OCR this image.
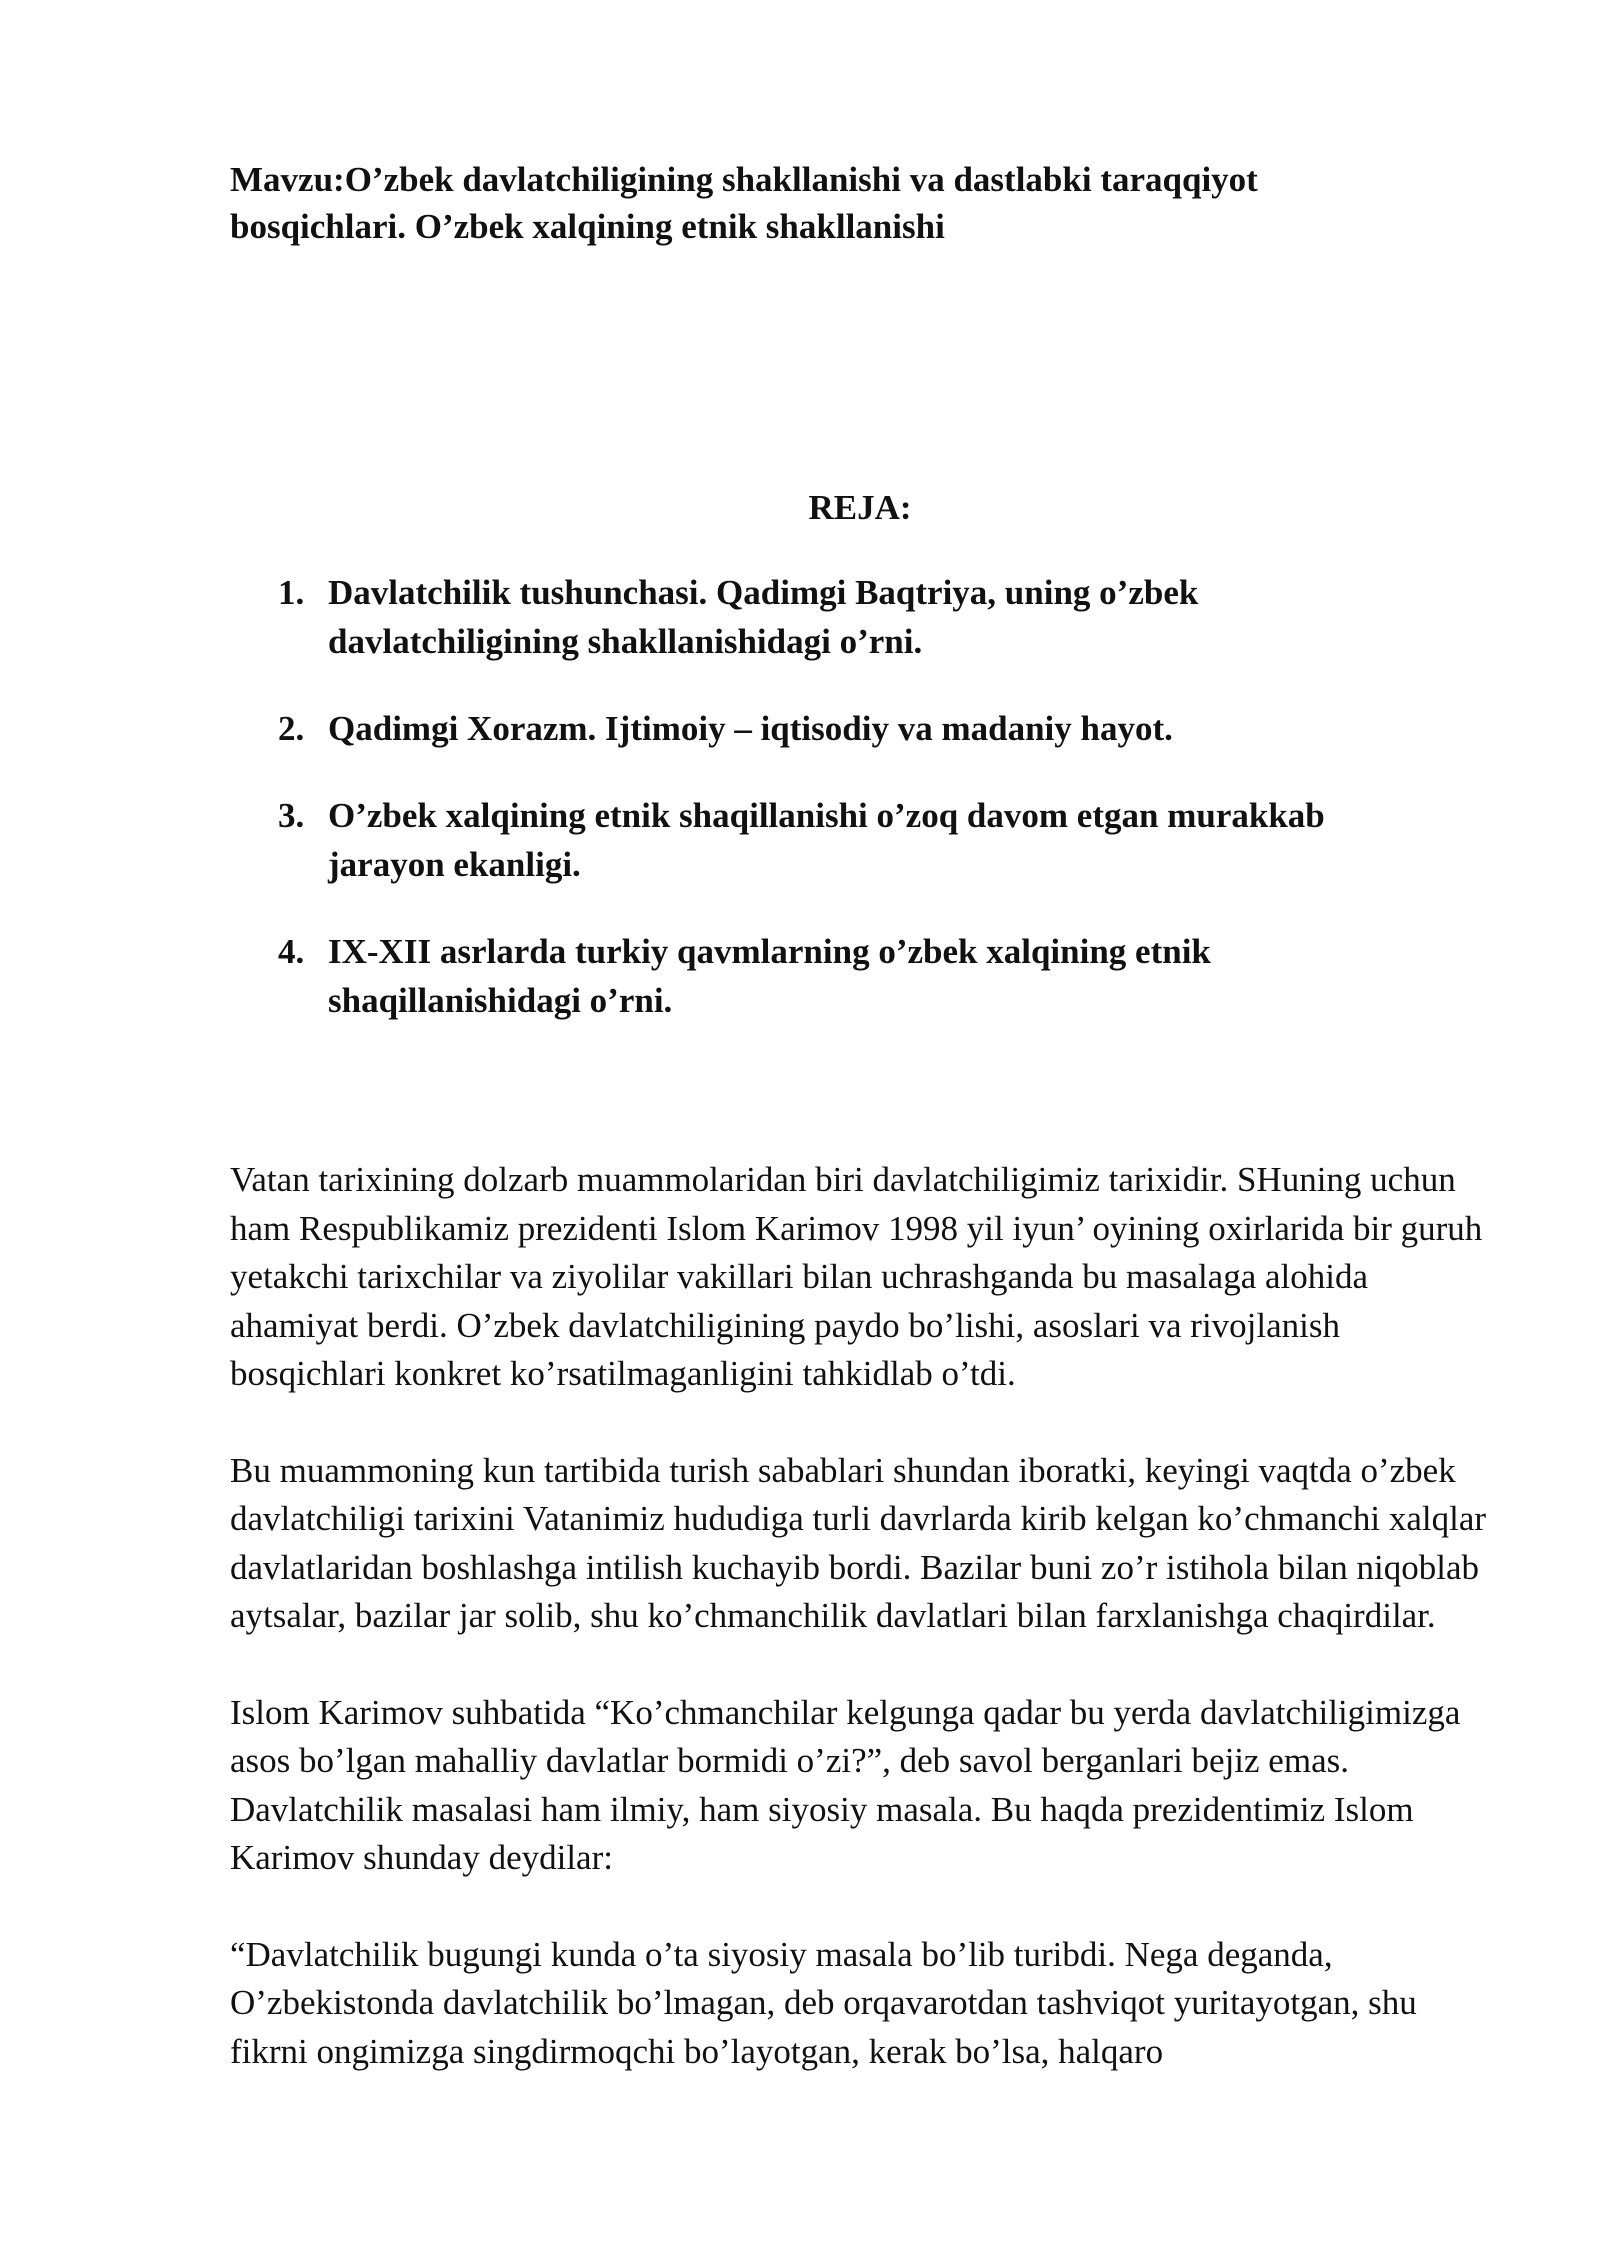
Mavzu:O’zbek davlatchiligining shakllanishi va dastlabki taraqqiyot bosqichlari. O’zbek xalqining etnik shakllanishi
REJA:
1. Davlatchilik tushunchasi. Qadimgi Baqtriya, uning o’zbek davlatchiligining shakllanishidagi o’rni.
2. Qadimgi Xorazm. Ijtimoiy – iqtisodiy va madaniy hayot.
3. O’zbek xalqining etnik shaqillanishi o’zoq davom etgan murakkab jarayon ekanligi.
4. IX-XII asrlarda turkiy qavmlarning o’zbek xalqining etnik shaqillanishidagi o’rni.

Vatan tarixining dolzarb muammolaridan biri davlatchiligimiz tarixidir. SHuning uchun ham Respublikamiz prezidenti Islom Karimov 1998 yil iyun’ oyining oxirlarida bir guruh yetakchi tarixchilar va ziyolilar vakillari bilan uchrashganda bu masalaga alohida ahamiyat berdi. O’zbek davlatchiligining paydo bo’lishi, asoslari va rivojlanish bosqichlari konkret ko’rsatilmaganligini tahkidlab o’tdi.

Bu muammoning kun tartibida turish sabablari shundan iboratki, keyingi vaqtda o’zbek davlatchiligi tarixini Vatanimiz hududiga turli davrlarda kirib kelgan ko’chmanchi xalqlar davlatlaridan boshlashga intilish kuchayib bordi. Bazilar buni zo’r istihola bilan niqoblab aytsalar, bazilar jar solib, shu ko’chmanchilik davlatlari bilan farxlanishga chaqirdilar.

Islom Karimov suhbatida “Ko’chmanchilar kelgunga qadar bu yerda davlatchiligimizga asos bo’lgan mahalliy davlatlar bormidi o’zi?”, deb savol berganlari bejiz emas. Davlatchilik masalasi ham ilmiy, ham siyosiy masala. Bu haqda prezidentimiz Islom Karimov shunday deydilar:

“Davlatchilik bugungi kunda o’ta siyosiy masala bo’lib turibdi. Nega deganda, O’zbekistonda davlatchilik bo’lmagan, deb orqavarotdan tashviqot yuritayotgan, shu fikrni ongimizga singdirmoqchi bo’layotgan, kerak bo’lsa, halqaro
